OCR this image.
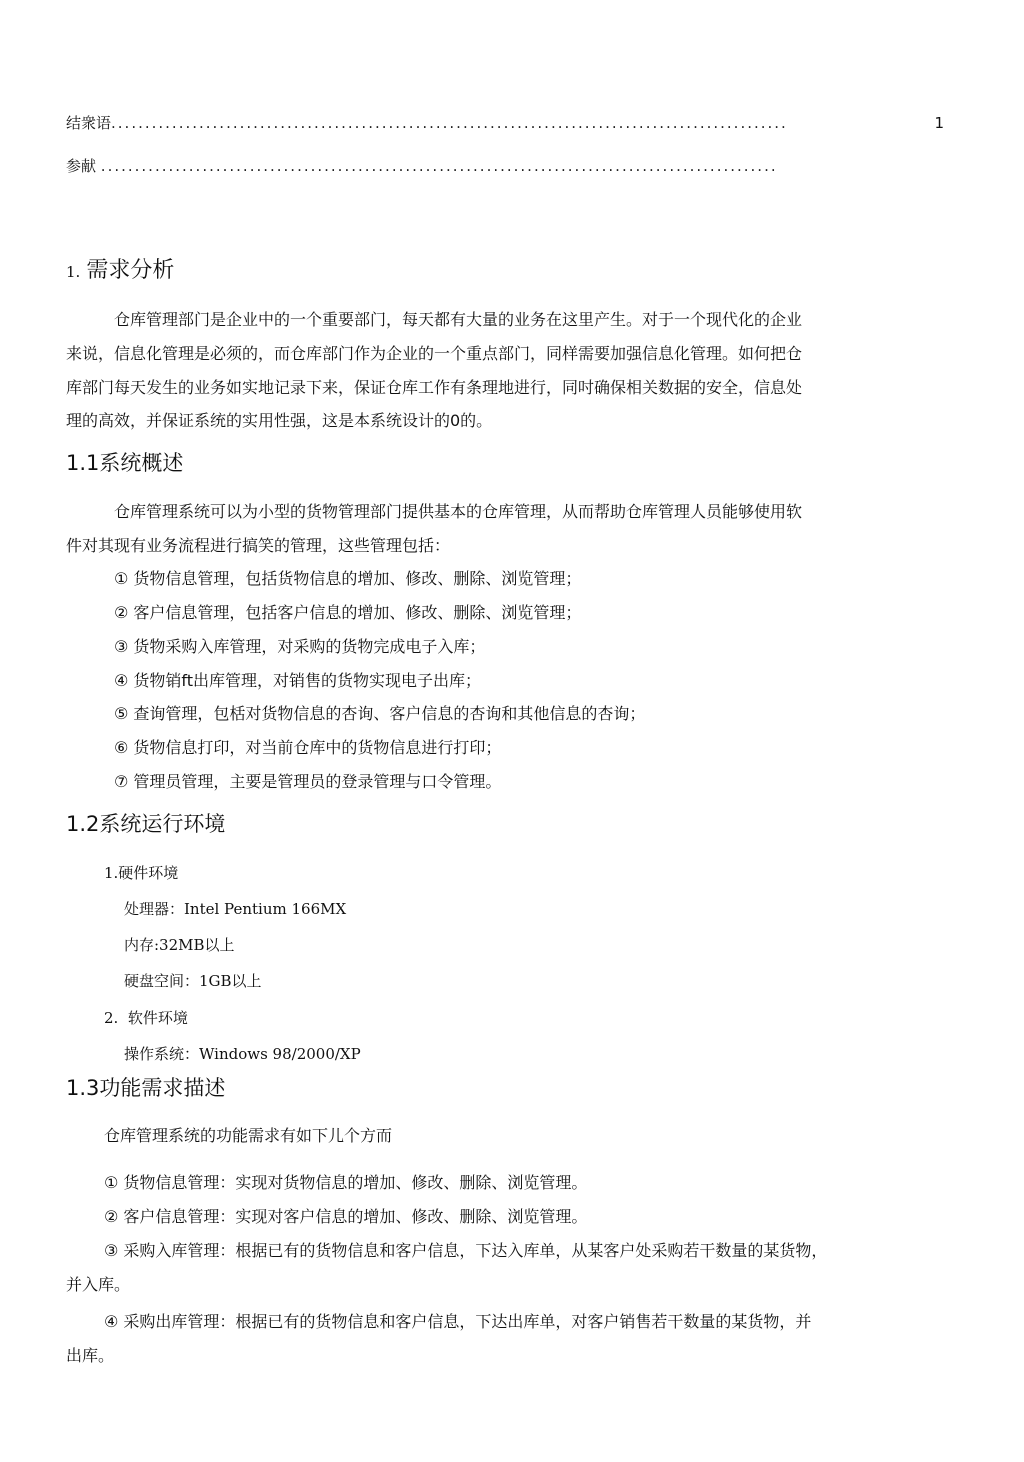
结衆语....................................................................................................	1
参献 ....................................................................................................
1. 需求分析
仓库管理部门是企业中的一个重要部门，每天都有大量的业务在这里产生。对于一个现代化的企业
来说，信息化管理是必须的，而仓库部门作为企业的一个重点部门，同样需要加强信息化管理。如何把仓
库部门每天发生的业务如实地记录下来，保证仓库工作有条理地进行，同吋确保相关数据的安全，信息处
理的高效，并保证系统的实用性强，这是本系统设计的0的。
1.1系统概述
仓库管理系统可以为小型的货物管理部门提供基本的仓库管理，从而帮助仓库管理人员能够使用软
件对其现有业务流程进行搞笑的管理，这些管理包括：
① 货物信息管理，包括货物信息的增加、修改、删除、浏览管理；
② 客户信息管理，包括客户信息的增加、修改、删除、浏览管理；
③ 货物采购入库管理，对采购的货物完成电子入库；
④ 货物销ft出库管理，对销售的货物实现电子出库；
⑤ 查询管理，包栝对货物信息的杏询、客户信息的杏询和其他信息的杏询；
⑥ 货物信息打印，对当前仓库中的货物信息进行打印；
⑦ 管理员管理，主要是管理员的登录管理与口令管理。
1.2系统运行环境
1.硬件环境
处理器：Intel Pentium 166MX
内存:32MB以上
硬盘空间：1GB以上
2.  软件环境
操作系统：Windows 98/2000/XP
1.3功能需求描述
仓库管理系统的功能需求有如下儿个方而
① 货物信息管理：实现对货物信息的增加、修改、删除、浏览管理。
② 客户信息管理：实现对客户信息的增加、修改、删除、浏览管理。
③ 采购入库管理：根据已有的货物信息和客户信息，下达入库单，从某客户处采购若干数量的某货物，
并入库。
④ 采购出库管理：根据已有的货物信息和客户信息，下达出库单，对客户销售若干数量的某货物，并
出库。
